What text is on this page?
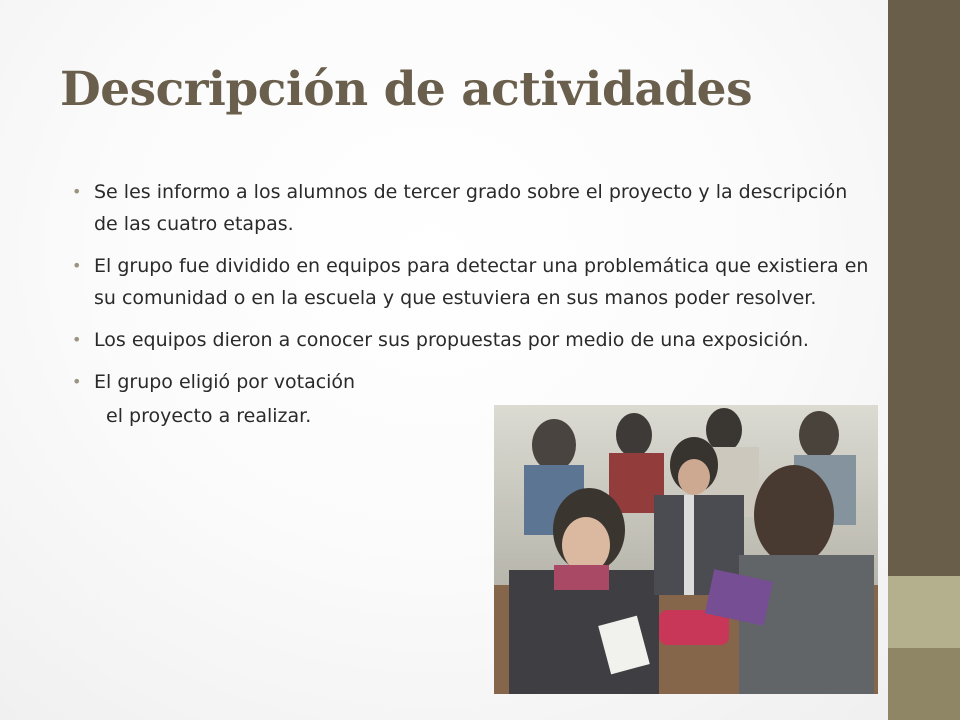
Descripción de actividades
• Se les informo a los alumnos de tercer grado sobre el proyecto y la descripción de las cuatro etapas.
• El grupo fue dividido en equipos para detectar una problemática que existiera en su comunidad o en la escuela y que estuviera en sus manos poder resolver.
• Los equipos dieron a conocer sus propuestas por medio de una exposición.
• El grupo eligió por votación
el proyecto a realizar.
